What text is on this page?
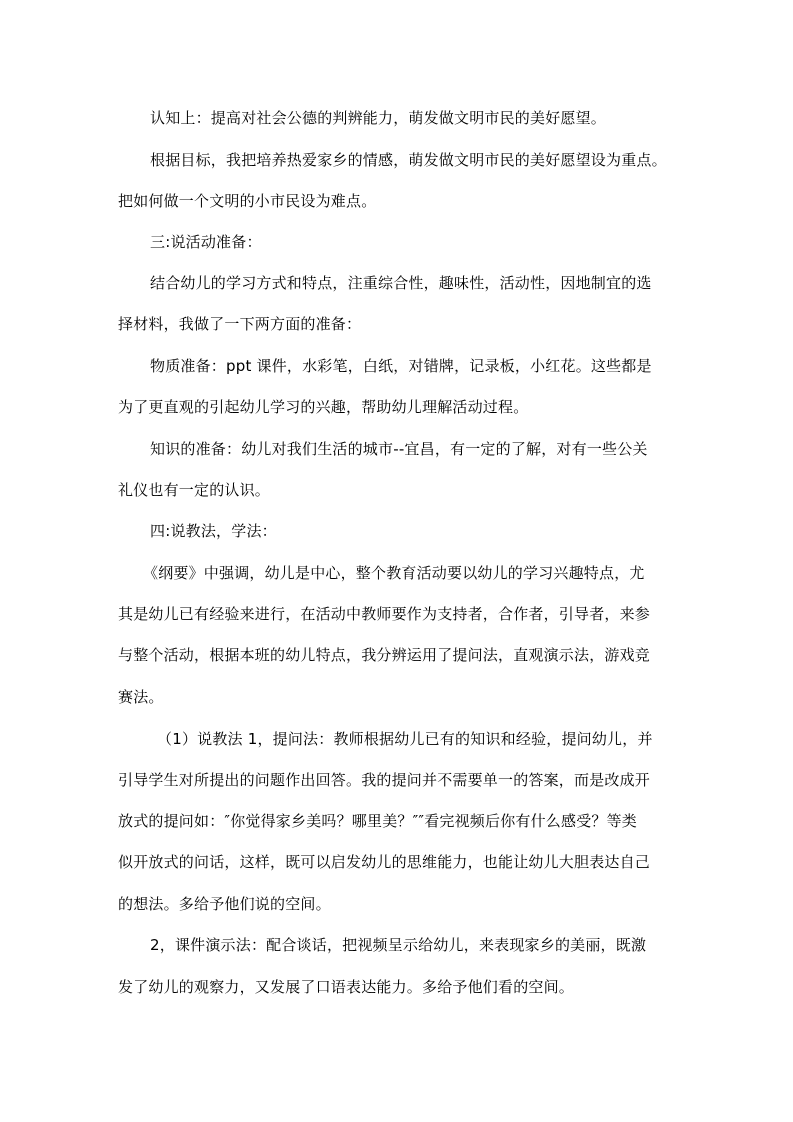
认知上：提高对社会公德的判辨能力，萌发做文明市民的美好愿望。
根据目标，我把培养热爱家乡的情感，萌发做文明市民的美好愿望设为重点。
把如何做一个文明的小市民设为难点。
三:说活动准备：
结合幼儿的学习方式和特点，注重综合性，趣味性，活动性，因地制宜的选
择材料，我做了一下两方面的准备：
物质准备：ppt 课件，水彩笔，白纸，对错牌，记录板，小红花。这些都是
为了更直观的引起幼儿学习的兴趣，帮助幼儿理解活动过程。
知识的准备：幼儿对我们生活的城市--宜昌，有一定的了解，对有一些公关
礼仪也有一定的认识。
四:说教法，学法：
《纲要》中强调，幼儿是中心，整个教育活动要以幼儿的学习兴趣特点，尤
其是幼儿已有经验来进行，在活动中教师要作为支持者，合作者，引导者，来参
与整个活动，根据本班的幼儿特点，我分辨运用了提问法，直观演示法，游戏竞
赛法。
（1）说教法 1，提问法：教师根据幼儿已有的知识和经验，提问幼儿，并
引导学生对所提出的问题作出回答。我的提问并不需要单一的答案，而是改成开
放式的提问如：″你觉得家乡美吗？哪里美？″″看完视频后你有什么感受？等类
似开放式的问话，这样，既可以启发幼儿的思维能力，也能让幼儿大胆表达自己
的想法。多给予他们说的空间。
2，课件演示法：配合谈话，把视频呈示给幼儿，来表现家乡的美丽，既激
发了幼儿的观察力，又发展了口语表达能力。多给予他们看的空间。
